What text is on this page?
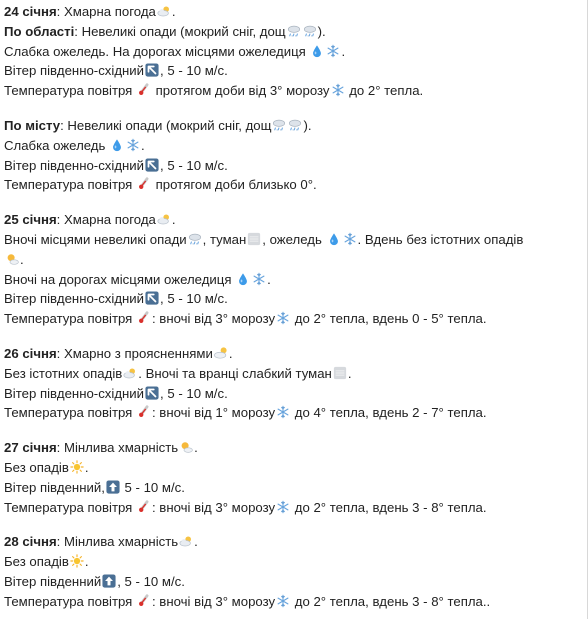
24 січня: Хмарна погода .
По області: Невеликі опади (мокрий сніг, дощ ).
Слабка ожеледь. На дорогах місцями ожеледиця
.
Вітер південно-східний , 5 - 10 м/с.
Температура повітря
протягом доби від 3° морозу
до 2° тепла.
По місту: Невеликі опади (мокрий сніг, дощ ).
Слабка ожеледь
.
Вітер південно-східний , 5 - 10 м/с.
Температура повітря
протягом доби близько 0°.
25 січня: Хмарна погода .
Вночі місцями невеликі опади , туман , ожеледь
. Вдень без істотних опадів
.
Вночі на дорогах місцями ожеледиця
.
Вітер південно-східний , 5 - 10 м/с.
Температура повітря
: вночі від 3° морозу
до 2° тепла, вдень 0 - 5° тепла.
26 січня: Хмарно з проясненнями .
Без істотних опадів . Вночі та вранці слабкий туман .
Вітер південно-східний , 5 - 10 м/с.
Температура повітря
: вночі від 1° морозу
до 4° тепла, вдень 2 - 7° тепла.
27 січня: Мінлива хмарність .
Без опадів .
Вітер південний,
5 - 10 м/с.
Температура повітря
: вночі від 3° морозу
до 2° тепла, вдень 3 - 8° тепла.
28 січня: Мінлива хмарність .
Без опадів .
Вітер південний , 5 - 10 м/с.
Температура повітря
: вночі від 3° морозу
до 2° тепла, вдень 3 - 8° тепла..
